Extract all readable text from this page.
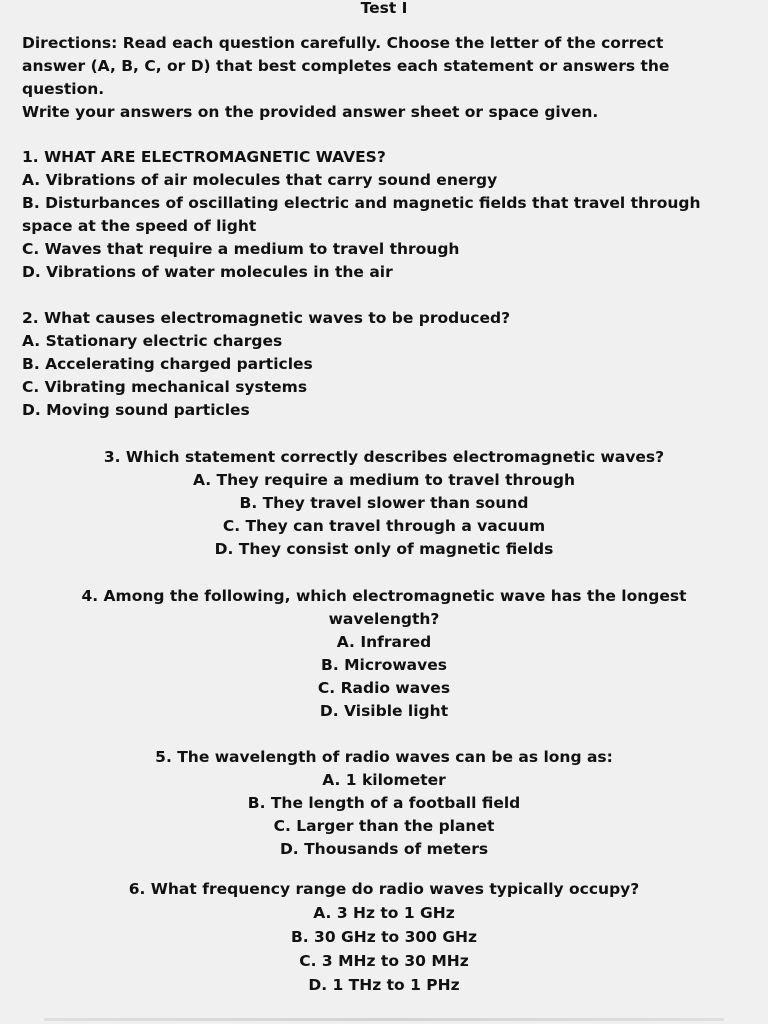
Test I
Directions: Read each question carefully. Choose the letter of the correct
answer (A, B, C, or D) that best completes each statement or answers the
question.
Write your answers on the provided answer sheet or space given.
1. WHAT ARE ELECTROMAGNETIC WAVES?
A. Vibrations of air molecules that carry sound energy
B. Disturbances of oscillating electric and magnetic fields that travel through
space at the speed of light
C. Waves that require a medium to travel through
D. Vibrations of water molecules in the air
2. What causes electromagnetic waves to be produced?
A. Stationary electric charges
B. Accelerating charged particles
C. Vibrating mechanical systems
D. Moving sound particles
3. Which statement correctly describes electromagnetic waves?
A. They require a medium to travel through
B. They travel slower than sound
C. They can travel through a vacuum
D. They consist only of magnetic fields
4. Among the following, which electromagnetic wave has the longest
wavelength?
A. Infrared
B. Microwaves
C. Radio waves
D. Visible light
5. The wavelength of radio waves can be as long as:
A. 1 kilometer
B. The length of a football field
C. Larger than the planet
D. Thousands of meters
6. What frequency range do radio waves typically occupy?
A. 3 Hz to 1 GHz
B. 30 GHz to 300 GHz
C. 3 MHz to 30 MHz
D. 1 THz to 1 PHz
